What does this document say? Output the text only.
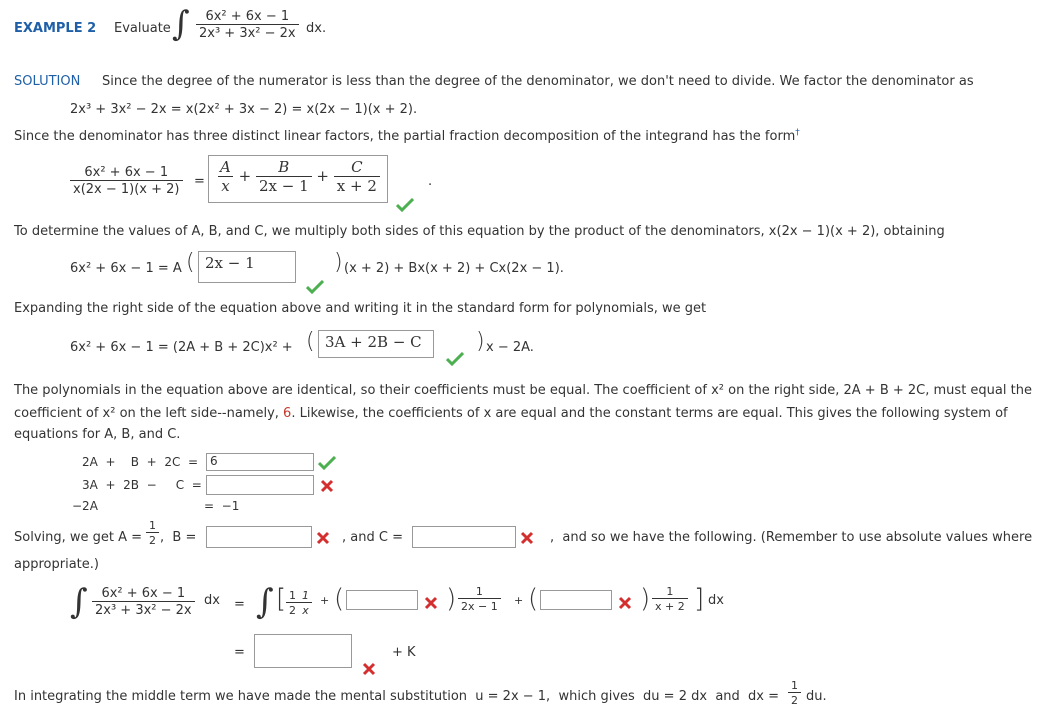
EXAMPLE 2 Evaluate ∫ $\frac{\text{6x² + 6x − 1}}{\text{2x³ + 3x² − 2x}}$ dx.
SOLUTION Since the degree of the numerator is less than the degree of the denominator, we don't need to divide. We factor the denominator as
2x³ + 3x² − 2x = x(2x² + 3x − 2) = x(2x − 1)(x + 2).
Since the denominator has three distinct linear factors, the partial fraction decomposition of the integrand has the form†
$\frac{\text{6x² + 6x − 1}}{x(2x - 1)(x + 2)} = \frac{A}{x} + \frac{B}{2x - 1} + \frac{C}{x + 2}$	.
To determine the values of A, B, and C, we multiply both sides of this equation by the product of the denominators, x(2x − 1)(x + 2), obtaining
6x² + 6x − 1 = A ( 2x − 1	) (x + 2) + Bx(x + 2) + Cx(2x − 1).
Expanding the right side of the equation above and writing it in the standard form for polynomials, we get
6x² + 6x − 1 = (2A + B + 2C)x² + ( 3A + 2B − C	) x − 2A.
The polynomials in the equation above are identical, so their coefficients must be equal. The coefficient of x² on the right side, 2A + B + 2C, must equal the
coefficient of x² on the left side--namely, 6. Likewise, the coefficients of x are equal and the constant terms are equal. This gives the following system of
equations for A, B, and C.
2A  +    B  +  2C  = 6
3A  +  2B  −     C  =
−2A	=  −1
Solving, we get $A = \frac{1}{2}$ ,  B =	, and C =	,  and so we have the following. (Remember to use absolute values where
appropriate.)
∫ $\frac{\text{6x² + 6x − 1}}{\text{2x³ + 3x² − 2x}}$ dx = ∫ [ $\frac{1}{2} \frac{1}{x}$ + (	) $\frac{1}{2x - 1}$ + (	) $\frac{1}{x + 2}$ ] dx
=	+ K
In integrating the middle term we have made the mental substitution  u = 2x − 1,  which gives  du = 2 dx  and  dx = $\frac{1}{2}$ du.
